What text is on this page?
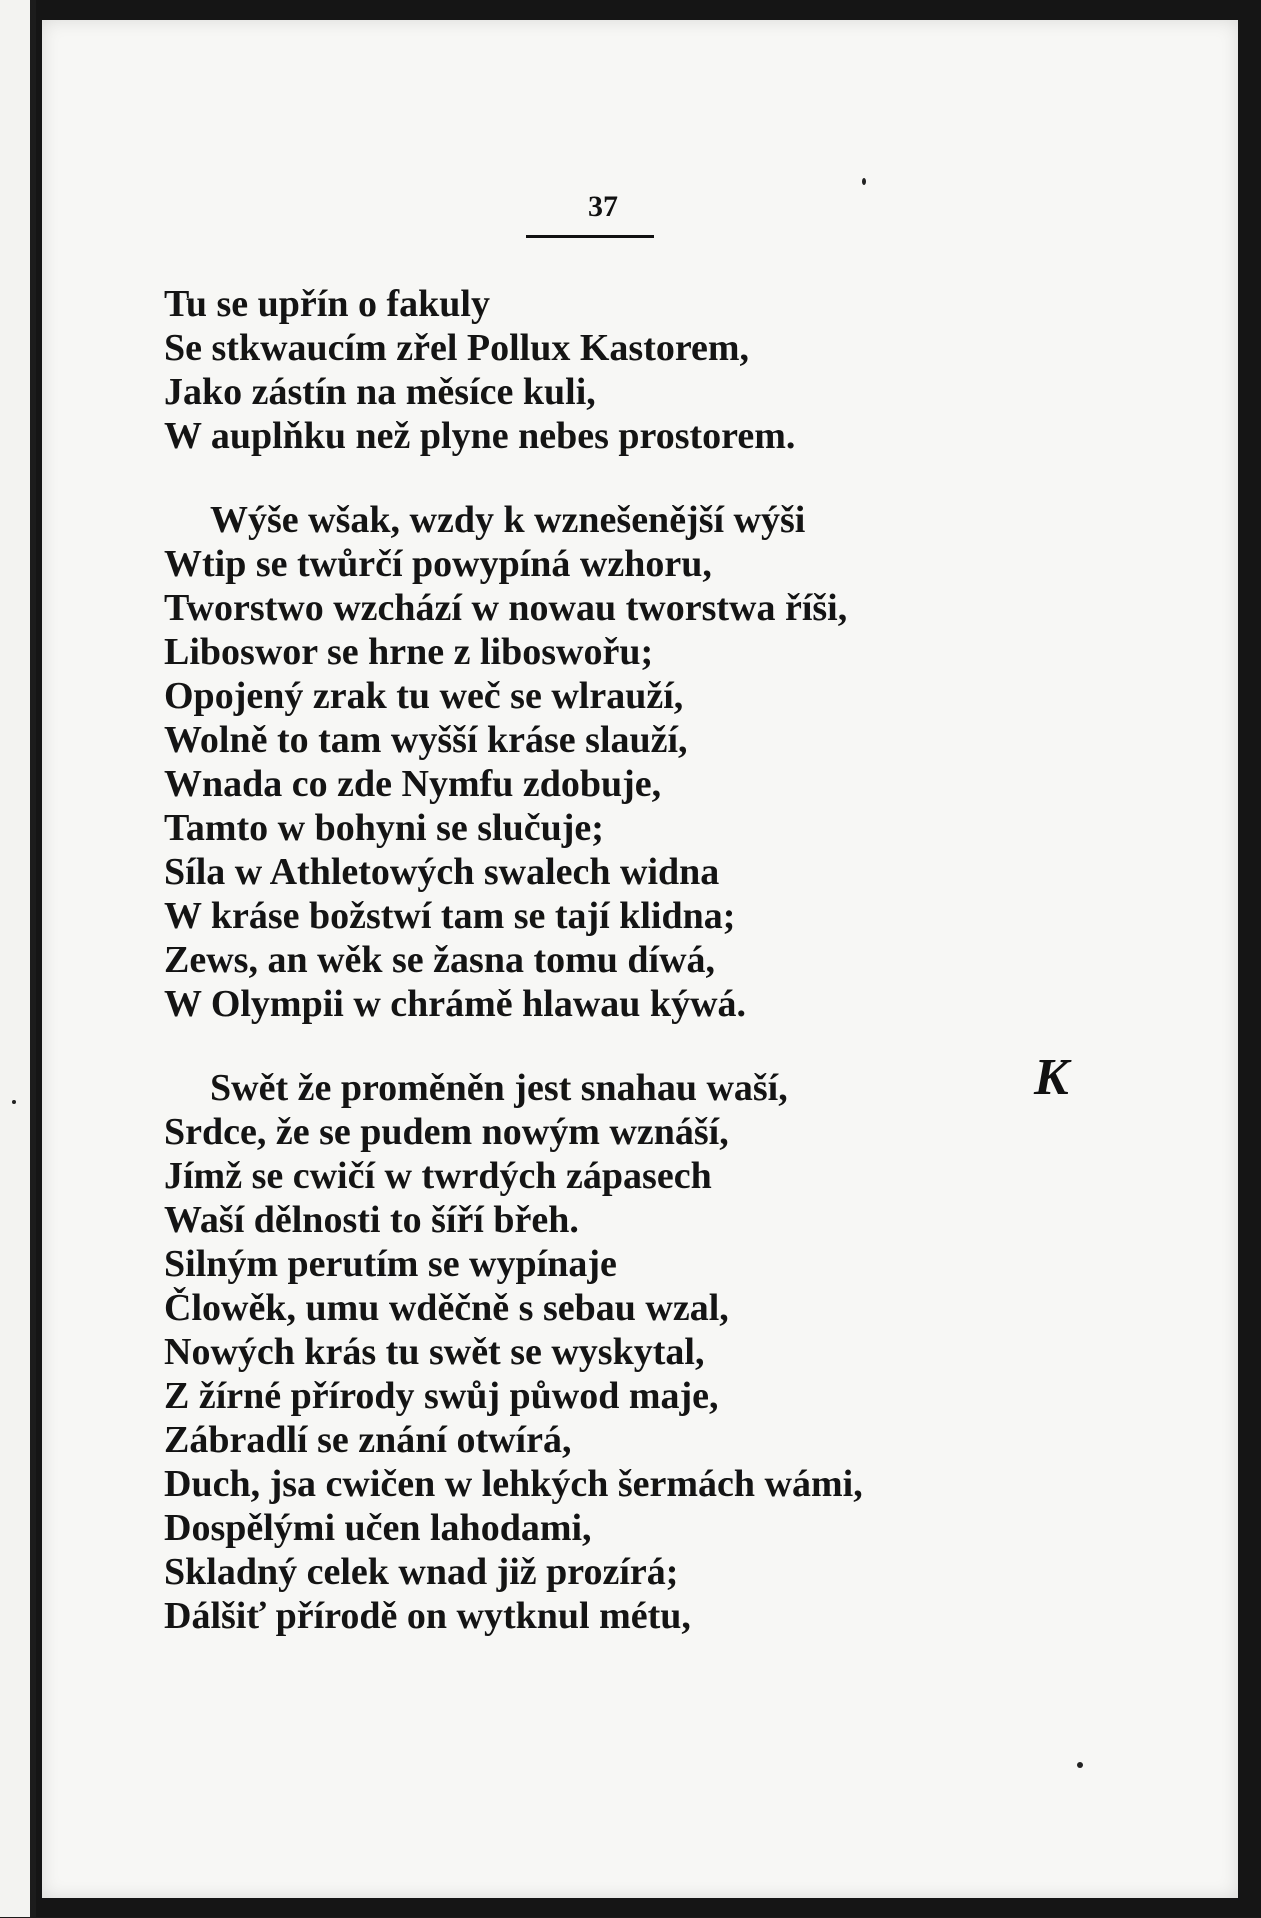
37

Tu se upřín o fakuly
Se stkwaucím zřel Pollux Kastorem,
Jako zástín na měsíce kuli,
W auplňku než plyne nebes prostorem.

Wýše wšak, wzdy k wznešenější wýši
Wtip se twůrčí powypíná wzhoru,
Tworstwo wzchází w nowau tworstwa říši,
Liboswor se hrne z liboswořu;
Opojený zrak tu weč se wlrauží,
Wolně to tam wyšší kráse slauží,
Wnada co zde Nymfu zdobuje,
Tamto w bohyni se slučuje;
Síla w Athletowých swalech widna
W kráse božstwí tam se tají klidna;
Zews, an wěk se žasna tomu díwá,
W Olympii w chrámě hlawau kýwá.

Swět že proměněn jest snahau waší,
Srdce, že se pudem nowým wznáší,
Jímž se cwičí w twrdých zápasech
Waší dělnosti to šíří břeh.
Silným perutím se wypínaje
Člowěk, umu wděčně s sebau wzal,
Nowých krás tu swět se wyskytal,
Z žírné přírody swůj půwod maje,
Zábradlí se znání otwírá,
Duch, jsa cwičen w lehkých šermách wámi,
Dospělými učen lahodami,
Skladný celek wnad již prozírá;
Dálšiť přírodě on wytknul métu,

K
